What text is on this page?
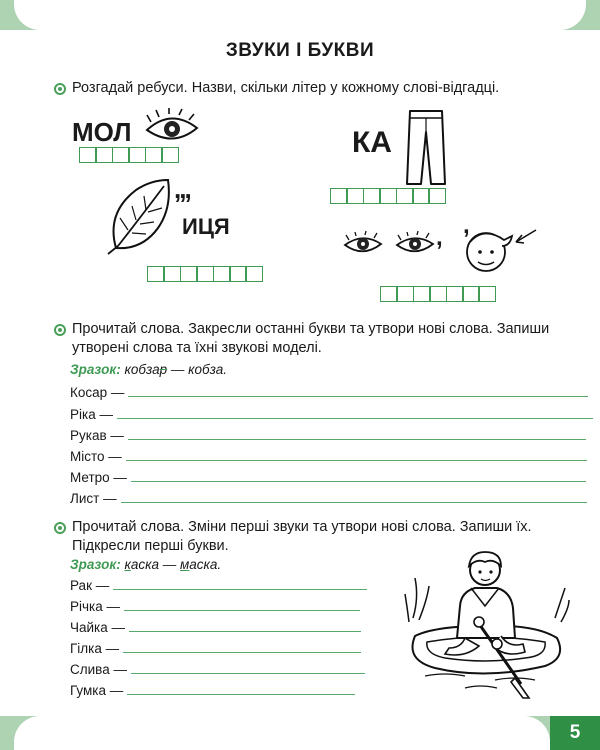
5
ЗВУКИ І БУКВИ
Розгадай ребуси. Назви, скільки літер у кожному слові-відгадці.
МОЛ	КА
,,,
ИЦЯ	, ,
Прочитай слова. Закресли останні букви та утвори нові слова. Запиши
утворені слова та їхні звукові моделі.
Зразок: кобзар — кобза.
Косар —
Ріка —
Рукав —
Місто —
Метро —
Лист —
Прочитай слова. Зміни перші звуки та утвори нові слова. Запиши їх.
Підкресли перші букви.
Зразок: каска — маска.
Рак —
Річка —
Чайка —
Гілка —
Слива —
Гумка —
